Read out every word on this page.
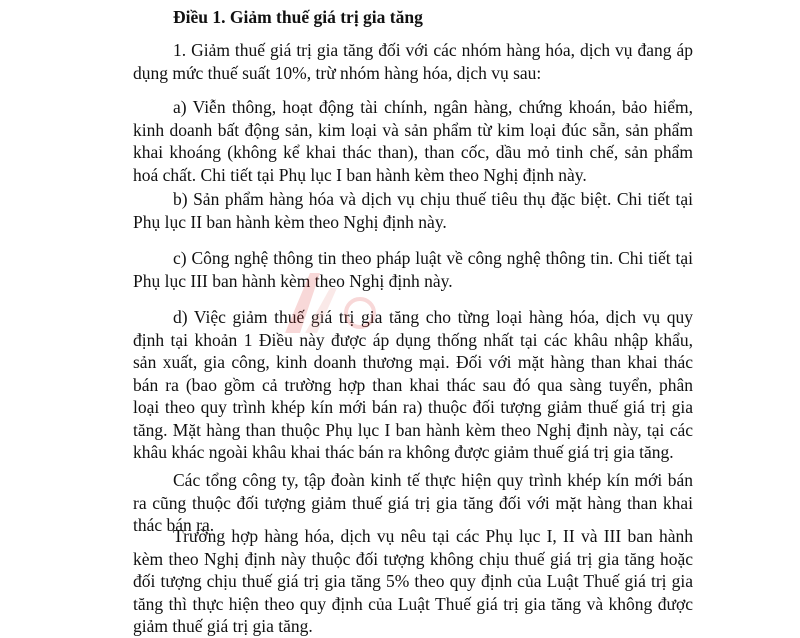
Điều 1. Giảm thuế giá trị gia tăng
1. Giảm thuế giá trị gia tăng đối với các nhóm hàng hóa, dịch vụ đang áp
dụng mức thuế suất 10%, trừ nhóm hàng hóa, dịch vụ sau:
a) Viễn thông, hoạt động tài chính, ngân hàng, chứng khoán, bảo hiểm,
kinh doanh bất động sản, kim loại và sản phẩm từ kim loại đúc sẵn, sản phẩm
khai khoáng (không kể khai thác than), than cốc, dầu mỏ tinh chế, sản phẩm
hoá chất. Chi tiết tại Phụ lục I ban hành kèm theo Nghị định này.
b) Sản phẩm hàng hóa và dịch vụ chịu thuế tiêu thụ đặc biệt. Chi tiết tại
Phụ lục II ban hành kèm theo Nghị định này.
c) Công nghệ thông tin theo pháp luật về công nghệ thông tin. Chi tiết tại
Phụ lục III ban hành kèm theo Nghị định này.
d) Việc giảm thuế giá trị gia tăng cho từng loại hàng hóa, dịch vụ quy
định tại khoản 1 Điều này được áp dụng thống nhất tại các khâu nhập khẩu,
sản xuất, gia công, kinh doanh thương mại. Đối với mặt hàng than khai thác
bán ra (bao gồm cả trường hợp than khai thác sau đó qua sàng tuyển, phân
loại theo quy trình khép kín mới bán ra) thuộc đối tượng giảm thuế giá trị gia
tăng. Mặt hàng than thuộc Phụ lục I ban hành kèm theo Nghị định này, tại các
khâu khác ngoài khâu khai thác bán ra không được giảm thuế giá trị gia tăng.
Các tổng công ty, tập đoàn kinh tế thực hiện quy trình khép kín mới bán
ra cũng thuộc đối tượng giảm thuế giá trị gia tăng đối với mặt hàng than khai
thác bán ra.
Trường hợp hàng hóa, dịch vụ nêu tại các Phụ lục I, II và III ban hành
kèm theo Nghị định này thuộc đối tượng không chịu thuế giá trị gia tăng hoặc
đối tượng chịu thuế giá trị gia tăng 5% theo quy định của Luật Thuế giá trị gia
tăng thì thực hiện theo quy định của Luật Thuế giá trị gia tăng và không được
giảm thuế giá trị gia tăng.
